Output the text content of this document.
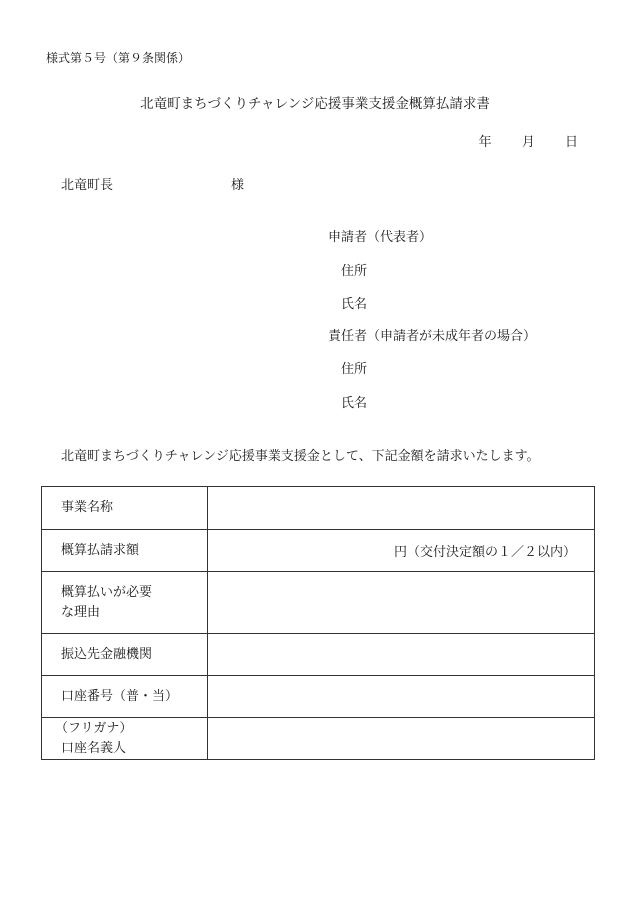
様式第５号（第９条関係）
北竜町まちづくりチャレンジ応援事業支援金概算払請求書
年 月 日
北竜町長	様
申請者（代表者）
住所
氏名
責任者（申請者が未成年者の場合）
住所
氏名
北竜町まちづくりチャレンジ応援事業支援金として、下記金額を請求いたします。
事業名称	
概算払請求額	円（交付決定額の１／２以内）
概算払いが必要
な理由	
振込先金融機関	
口座番号（普・当）	

（フリガナ）
口座名義人	
